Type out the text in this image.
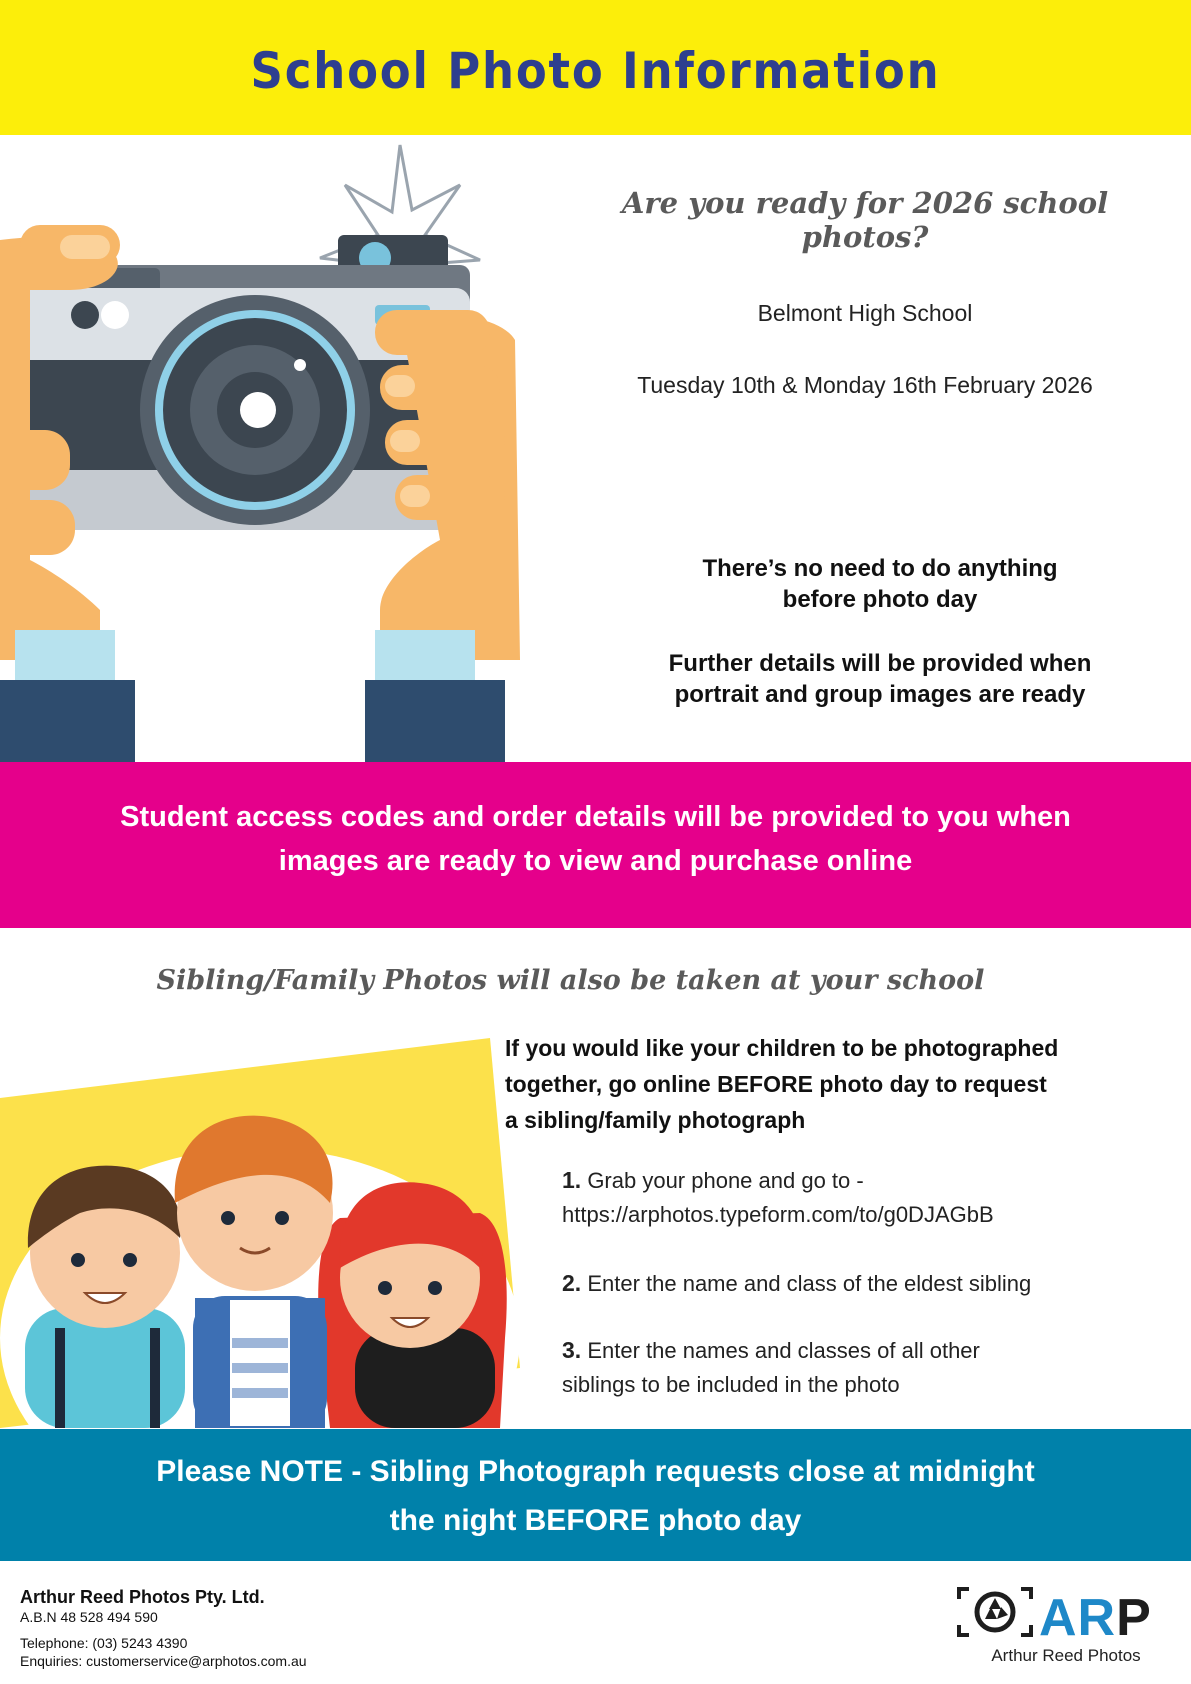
School Photo Information
Are you ready for 2026 school photos?
Belmont High School
Tuesday 10th & Monday 16th February 2026
There’s no need to do anything
before photo day
Further details will be provided when
portrait and group images are ready
Student access codes and order details will be provided to you when
images are ready to view and purchase online
Sibling/Family Photos will also be taken at your school
If you would like your children to be photographed
together, go online BEFORE photo day to request
a sibling/family photograph
1. Grab your phone and go to -
https://arphotos.typeform.com/to/g0DJAGbB
2. Enter the name and class of the eldest sibling
3. Enter the names and classes of all other
siblings to be included in the photo
Please NOTE - Sibling Photograph requests close at midnight
the night BEFORE photo day
Arthur Reed Photos Pty. Ltd.
A.B.N 48 528 494 590
Telephone: (03) 5243 4390
Enquiries: customerservice@arphotos.com.au
ARP
Arthur Reed Photos
